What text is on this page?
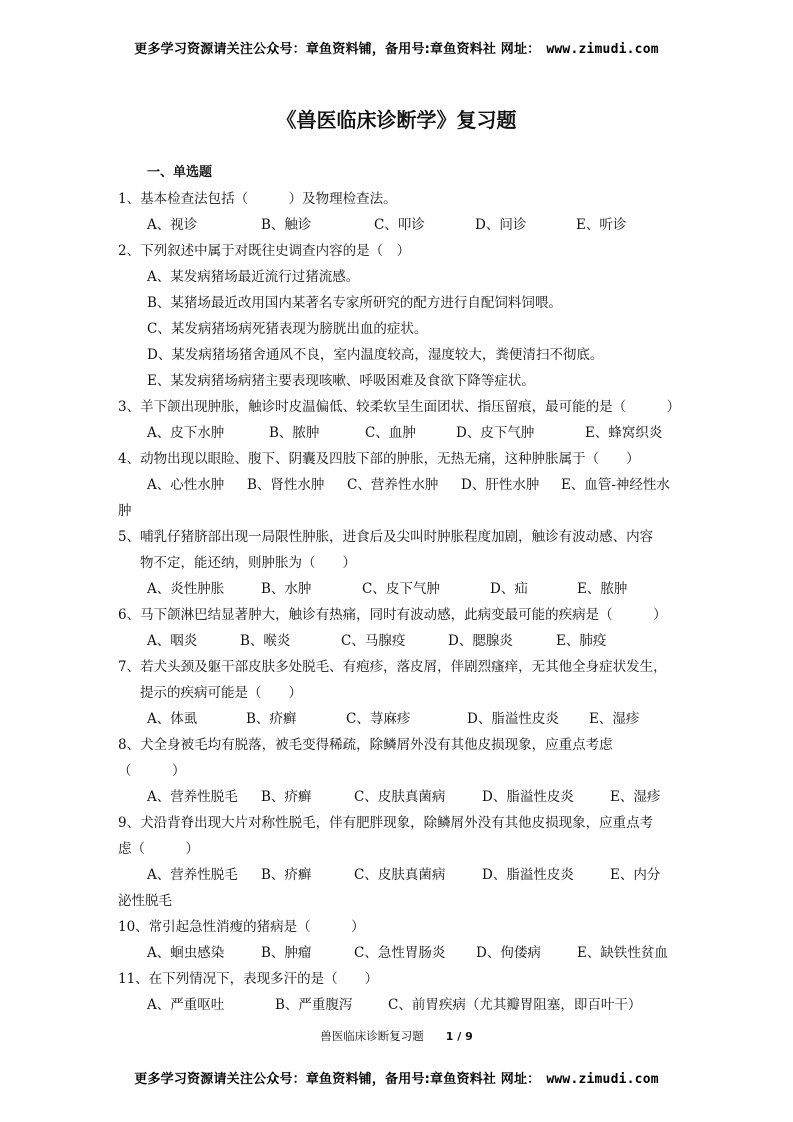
更多学习资源请关注公众号：章鱼资料铺，备用号:章鱼资料社 网址： www.zimudi.com
《兽医临床诊断学》复习题
一、单选题
1、基本检查法包括（　　　）及物理检查法。
A、视诊	B、触诊	C、叩诊	D、问诊	E、听诊
2、下列叙述中属于对既往史调查内容的是（　）
A、某发病猪场最近流行过猪流感。
B、某猪场最近改用国内某著名专家所研究的配方进行自配饲料饲喂。
C、某发病猪场病死猪表现为膀胱出血的症状。
D、某发病猪场猪舍通风不良，室内温度较高，湿度较大，粪便清扫不彻底。
E、某发病猪场病猪主要表现咳嗽、呼吸困难及食欲下降等症状。
3、羊下颌出现肿胀，触诊时皮温偏低、较柔软呈生面团状、指压留痕，最可能的是（　　　）
A、皮下水肿	B、脓肿	C、血肿	D、皮下气肿	E、蜂窝织炎
4、动物出现以眼睑、腹下、阴囊及四肢下部的肿胀，无热无痛，这种肿胀属于（　　）
A、心性水肿	B、肾性水肿	C、营养性水肿	D、肝性水肿	E、血管-神经性水
肿
5、哺乳仔猪脐部出现一局限性肿胀，进食后及尖叫时肿胀程度加剧，触诊有波动感、内容
物不定，能还纳，则肿胀为（　　）
A、炎性肿胀	B、水肿	C、皮下气肿	D、疝	E、脓肿
6、马下颌淋巴结显著肿大，触诊有热痛，同时有波动感，此病变最可能的疾病是（　　　）
A、咽炎	B、喉炎	C、马腺疫	D、腮腺炎	E、肺疫
7、若犬头颈及躯干部皮肤多处脱毛、有疱疹，落皮屑，伴剧烈瘙痒，无其他全身症状发生，
提示的疾病可能是（　　）
A、体虱	B、疥癣	C、荨麻疹	D、脂溢性皮炎	E、湿疹
8、犬全身被毛均有脱落，被毛变得稀疏，除鳞屑外没有其他皮损现象，应重点考虑
（　　　）
A、营养性脱毛	B、疥癣	C、皮肤真菌病	D、脂溢性皮炎	E、湿疹
9、犬沿背脊出现大片对称性脱毛，伴有肥胖现象，除鳞屑外没有其他皮损现象，应重点考
虑（　　　）
A、营养性脱毛	B、疥癣	C、皮肤真菌病	D、脂溢性皮炎	E、内分
泌性脱毛
10、常引起急性消瘦的猪病是（　　　）
A、蛔虫感染	B、肿瘤	C、急性胃肠炎	D、佝偻病	E、缺铁性贫血
11、在下列情况下，表现多汗的是（　　）
A、严重呕吐	B、严重腹泻	C、前胃疾病（尤其瓣胃阻塞，即百叶干）
兽医临床诊断复习题 1 / 9
更多学习资源请关注公众号：章鱼资料铺，备用号:章鱼资料社 网址： www.zimudi.com
